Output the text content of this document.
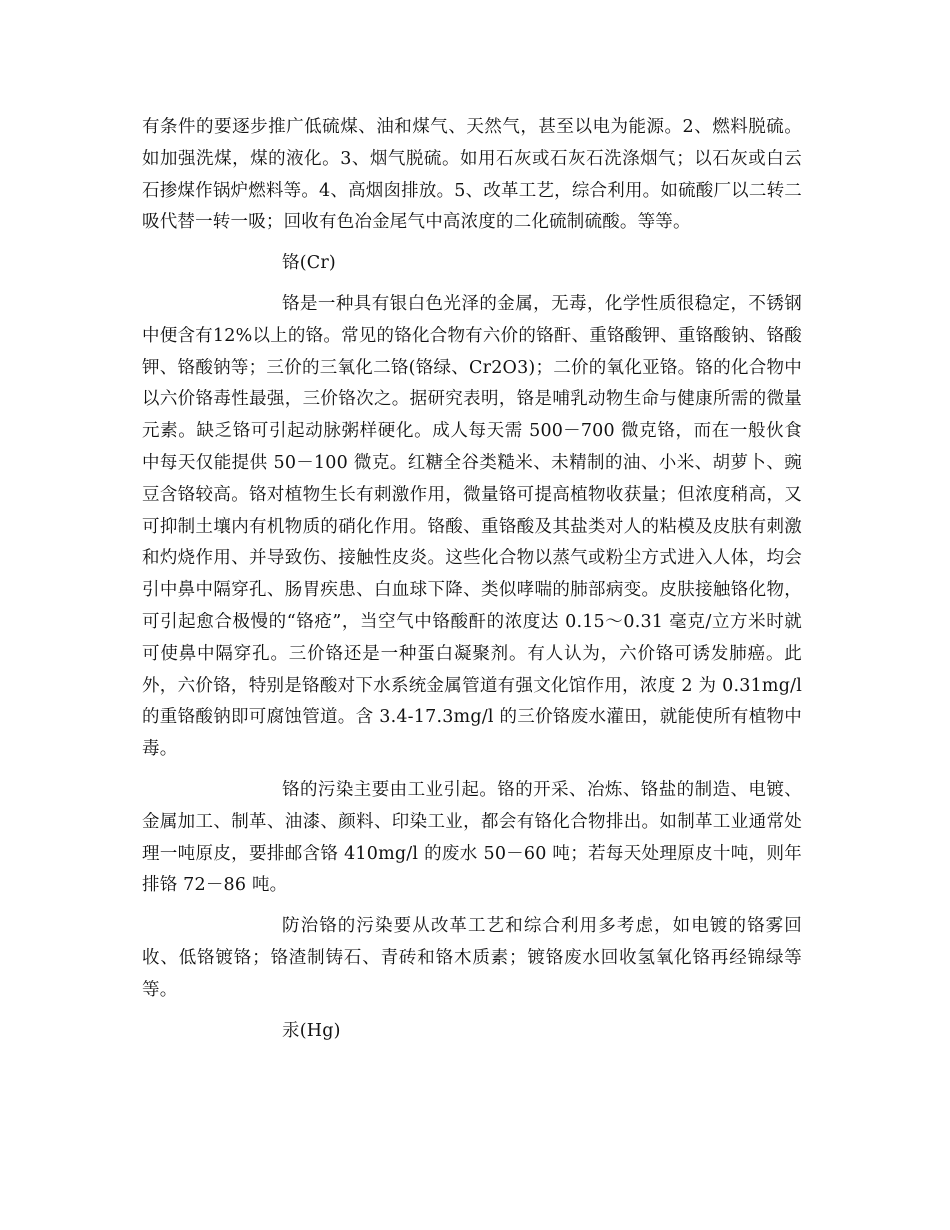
有条件的要逐步推广低硫煤、油和煤气、天然气，甚至以电为能源。2、燃料脱硫。如加强洗煤，煤的液化。3、烟气脱硫。如用石灰或石灰石洗涤烟气；以石灰或白云石掺煤作锅炉燃料等。4、高烟囱排放。5、改革工艺，综合利用。如硫酸厂以二转二吸代替一转一吸；回收有色冶金尾气中高浓度的二化硫制硫酸。等等。

铬(Cr)

铬是一种具有银白色光泽的金属，无毒，化学性质很稳定，不锈钢中便含有12%以上的铬。常见的铬化合物有六价的铬酐、重铬酸钾、重铬酸钠、铬酸钾、铬酸钠等；三价的三氧化二铬(铬绿、Cr2O3)；二价的氧化亚铬。铬的化合物中以六价铬毒性最强，三价铬次之。据研究表明，铬是哺乳动物生命与健康所需的微量元素。缺乏铬可引起动脉粥样硬化。成人每天需 500－700 微克铬，而在一般伙食中每天仅能提供 50－100 微克。红糖全谷类糙米、未精制的油、小米、胡萝卜、豌豆含铬较高。铬对植物生长有刺激作用，微量铬可提高植物收获量；但浓度稍高，又可抑制土壤内有机物质的硝化作用。铬酸、重铬酸及其盐类对人的粘模及皮肤有刺激和灼烧作用、并导致伤、接触性皮炎。这些化合物以蒸气或粉尘方式进入人体，均会引中鼻中隔穿孔、肠胃疾患、白血球下降、类似哮喘的肺部病变。皮肤接触铬化物，可引起愈合极慢的“铬疮”，当空气中铬酸酐的浓度达 0.15～0.31 毫克/立方米时就可使鼻中隔穿孔。三价铬还是一种蛋白凝聚剂。有人认为，六价铬可诱发肺癌。此外，六价铬，特别是铬酸对下水系统金属管道有强文化馆作用，浓度 2 为 0.31mg/l 的重铬酸钠即可腐蚀管道。含 3.4-17.3mg/l 的三价铬废水灌田，就能使所有植物中毒。

铬的污染主要由工业引起。铬的开采、冶炼、铬盐的制造、电镀、金属加工、制革、油漆、颜料、印染工业，都会有铬化合物排出。如制革工业通常处理一吨原皮，要排邮含铬 410mg/l 的废水 50－60 吨；若每天处理原皮十吨，则年排铬 72－86 吨。

防治铬的污染要从改革工艺和综合利用多考虑，如电镀的铬雾回收、低铬镀铬；铬渣制铸石、青砖和铬木质素；镀铬废水回收氢氧化铬再经锦绿等等。

汞(Hg)
